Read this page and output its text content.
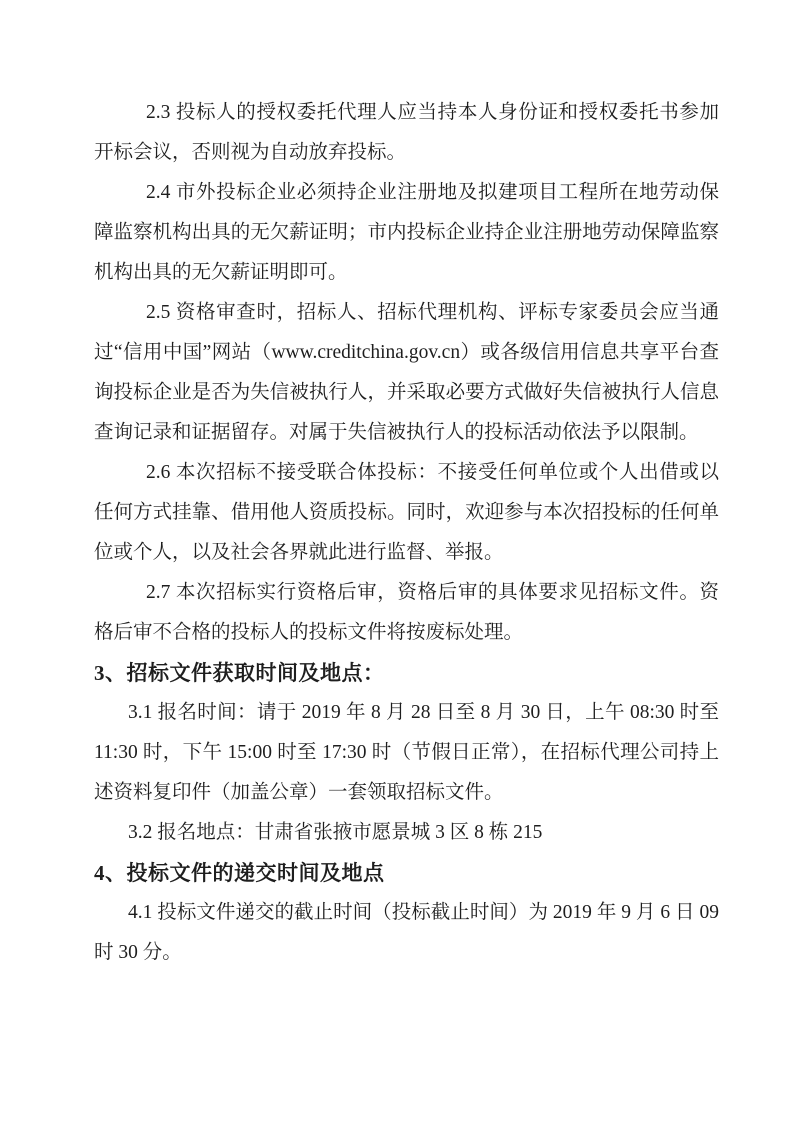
2.3 投标人的授权委托代理人应当持本人身份证和授权委托书参加开标会议，否则视为自动放弃投标。

2.4 市外投标企业必须持企业注册地及拟建项目工程所在地劳动保障监察机构出具的无欠薪证明；市内投标企业持企业注册地劳动保障监察机构出具的无欠薪证明即可。

2.5 资格审查时，招标人、招标代理机构、评标专家委员会应当通过“信用中国”网站（www.creditchina.gov.cn）或各级信用信息共享平台查询投标企业是否为失信被执行人，并采取必要方式做好失信被执行人信息查询记录和证据留存。对属于失信被执行人的投标活动依法予以限制。

2.6 本次招标不接受联合体投标：不接受任何单位或个人出借或以任何方式挂靠、借用他人资质投标。同时，欢迎参与本次招投标的任何单位或个人，以及社会各界就此进行监督、举报。

2.7 本次招标实行资格后审，资格后审的具体要求见招标文件。资格后审不合格的投标人的投标文件将按废标处理。

3、招标文件获取时间及地点：

3.1 报名时间：请于 2019 年 8 月 28 日至 8 月 30 日，上午 08:30 时至 11:30 时，下午 15:00 时至 17:30 时（节假日正常），在招标代理公司持上述资料复印件（加盖公章）一套领取招标文件。

3.2 报名地点：甘肃省张掖市愿景城 3 区 8 栋 215

4、投标文件的递交时间及地点

4.1 投标文件递交的截止时间（投标截止时间）为 2019 年 9 月 6 日 09 时 30 分。
